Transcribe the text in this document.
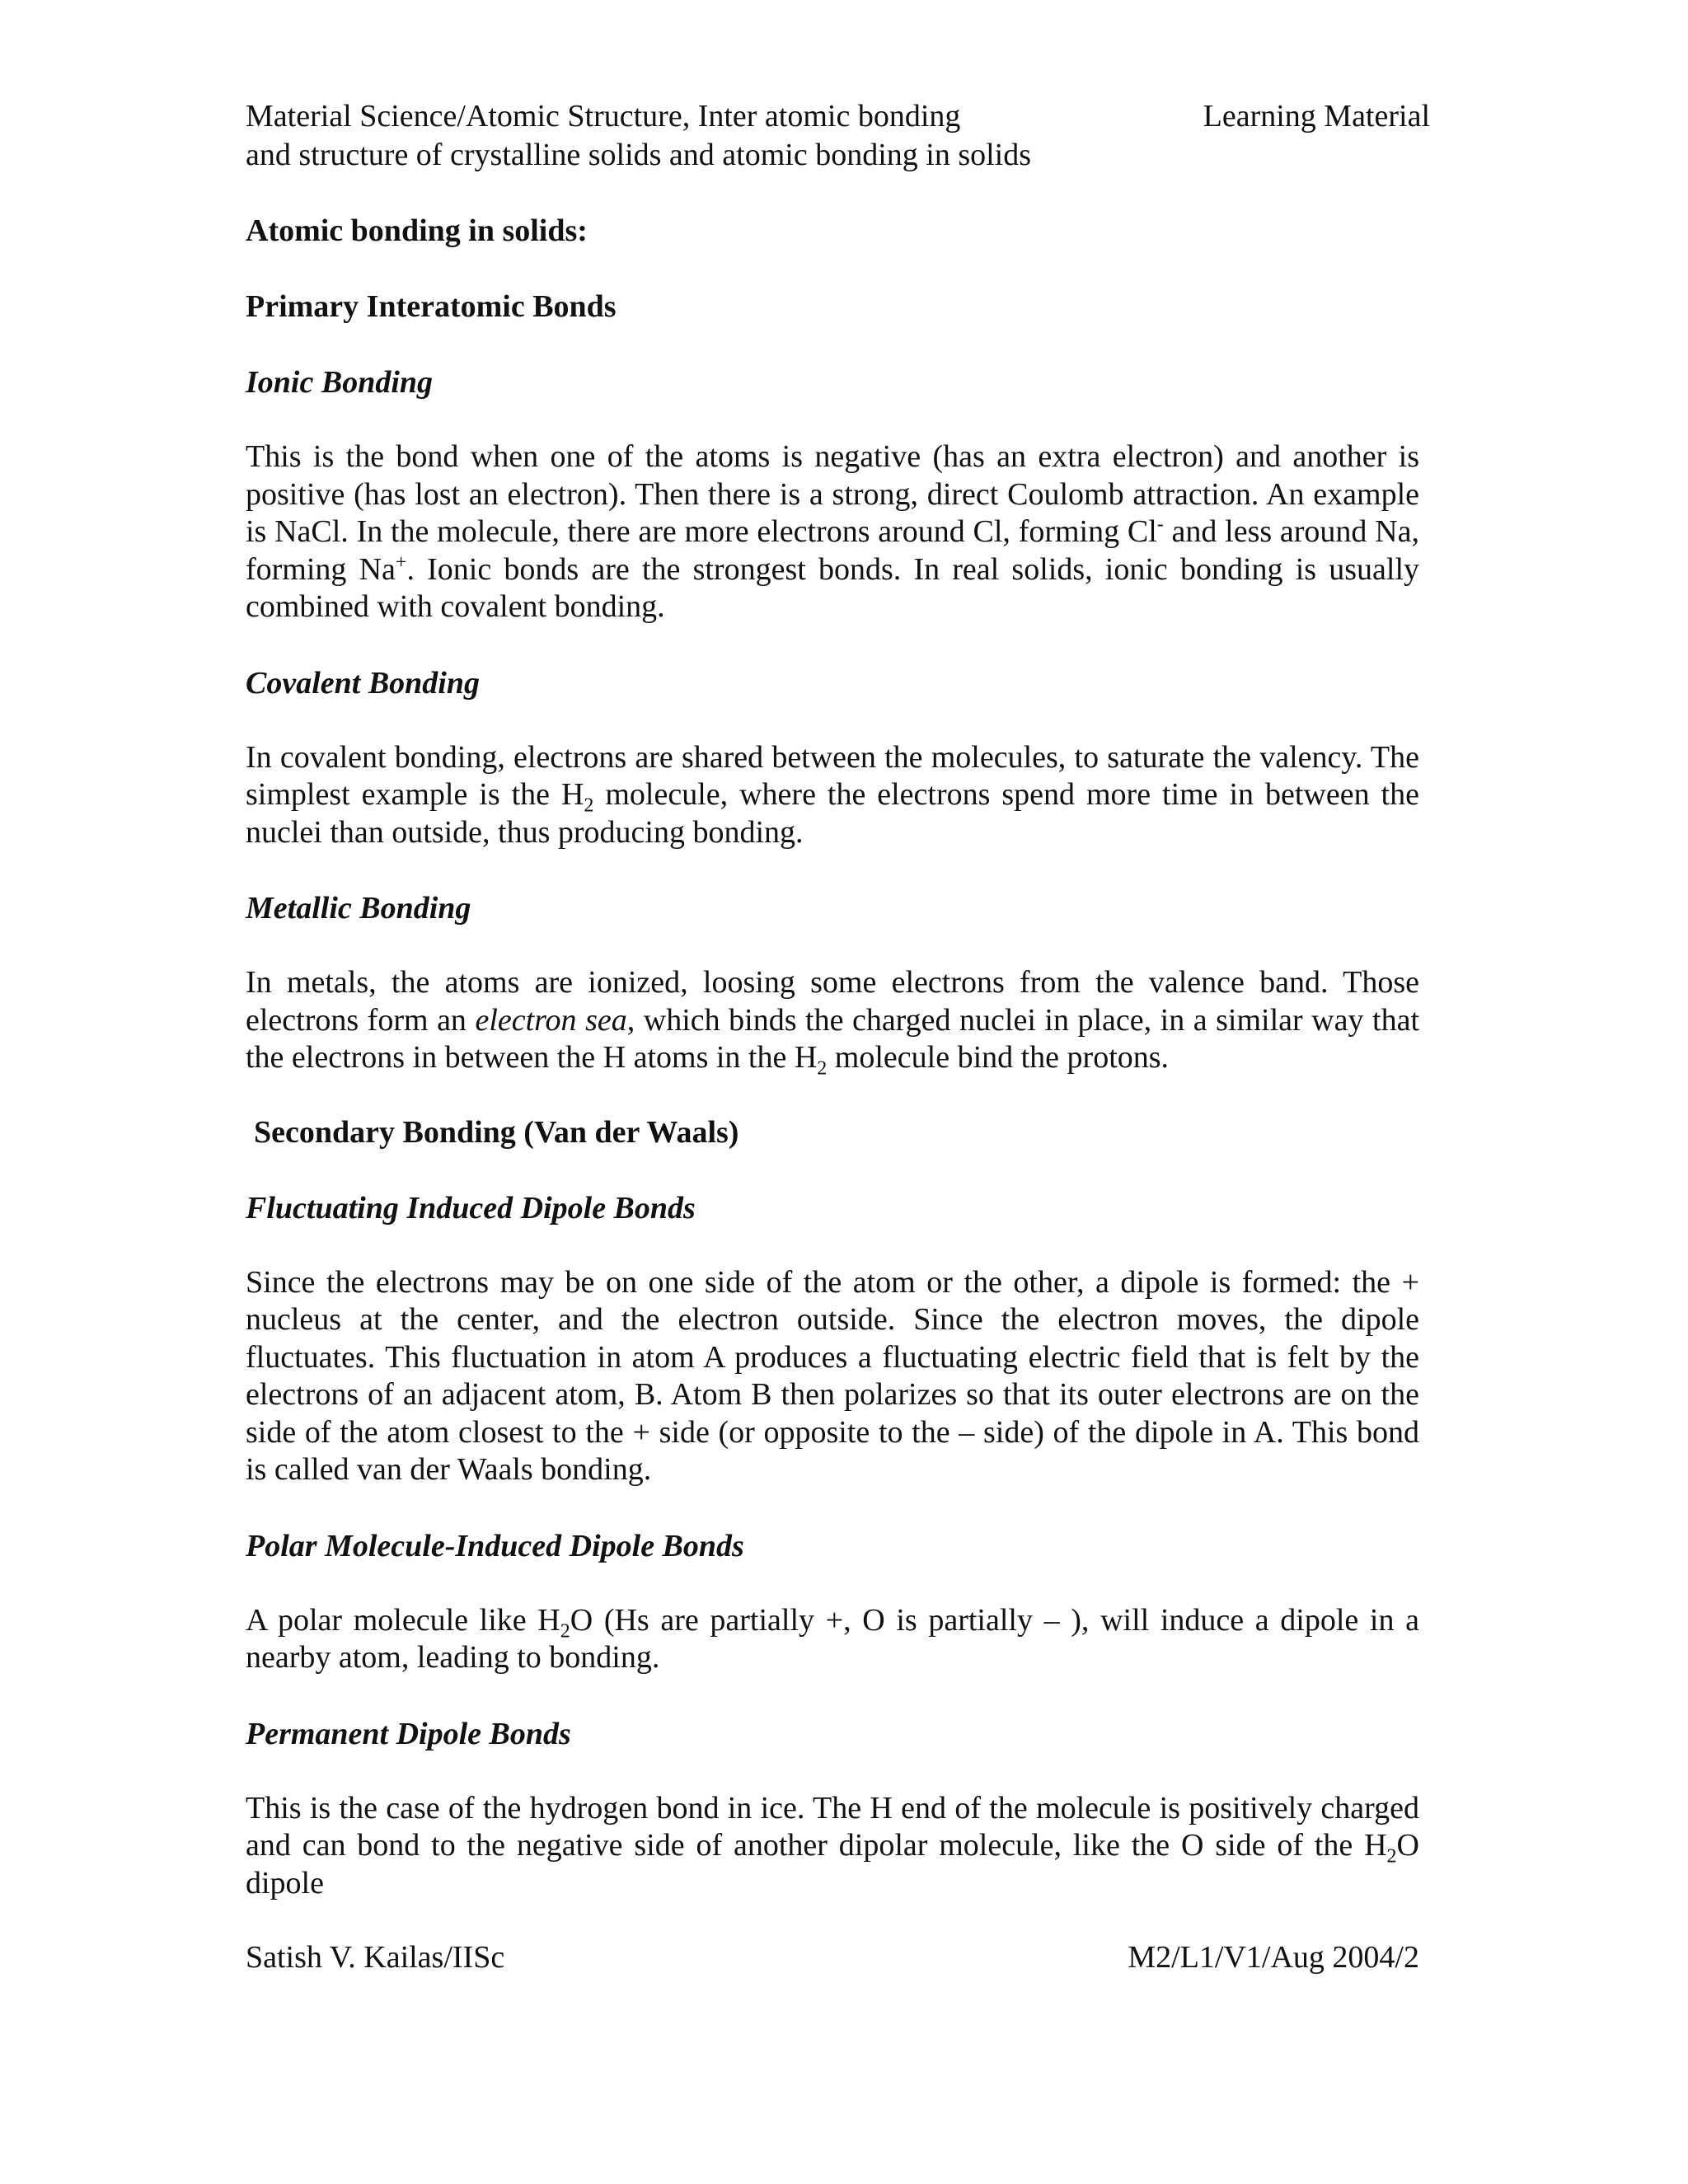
Material Science/Atomic Structure, Inter atomic bonding
and structure of crystalline solids and atomic bonding in solids
Learning Material
Atomic bonding in solids:
Primary Interatomic Bonds
Ionic Bonding

This is the bond when one of the atoms is negative (has an extra electron) and another is positive (has lost an electron). Then there is a strong, direct Coulomb attraction. An example is NaCl. In the molecule, there are more electrons around Cl, forming Cl- and less around Na, forming Na+. Ionic bonds are the strongest bonds. In real solids, ionic bonding is usually combined with covalent bonding.

Covalent Bonding

In covalent bonding, electrons are shared between the molecules, to saturate the valency. The simplest example is the $H_2$ molecule, where the electrons spend more time in between the nuclei than outside, thus producing bonding.

Metallic Bonding

In metals, the atoms are ionized, loosing some electrons from the valence band. Those electrons form an electron sea, which binds the charged nuclei in place, in a similar way that the electrons in between the H atoms in the $H_2$ molecule bind the protons.

Secondary Bonding (Van der Waals)
Fluctuating Induced Dipole Bonds

Since the electrons may be on one side of the atom or the other, a dipole is formed: the + nucleus at the center, and the electron outside. Since the electron moves, the dipole fluctuates. This fluctuation in atom A produces a fluctuating electric field that is felt by the electrons of an adjacent atom, B. Atom B then polarizes so that its outer electrons are on the side of the atom closest to the + side (or opposite to the – side) of the dipole in A. This bond is called van der Waals bonding.

Polar Molecule-Induced Dipole Bonds

A polar molecule like $H_2O$ (Hs are partially +, O is partially – ), will induce a dipole in a nearby atom, leading to bonding.

Permanent Dipole Bonds

This is the case of the hydrogen bond in ice. The H end of the molecule is positively charged and can bond to the negative side of another dipolar molecule, like the O side of the $H_2O$ dipole

Satish V. Kailas/IISc	M2/L1/V1/Aug 2004/2
